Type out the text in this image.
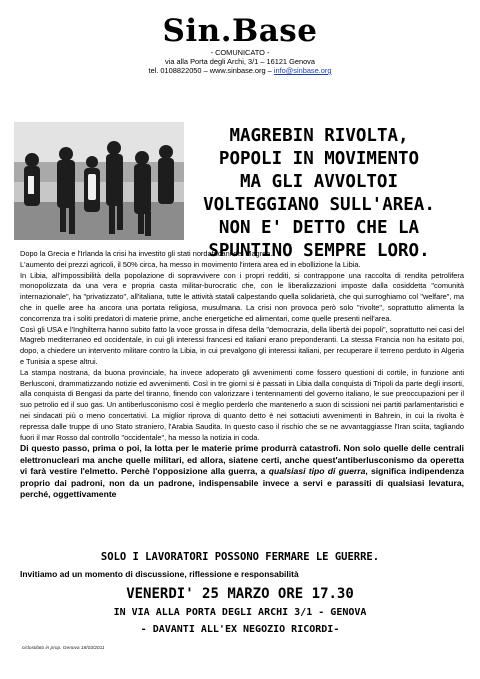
Sin.Base
- COMUNICATO -
via alla Porta degli Archi, 3/1 – 16121 Genova
tel. 0108822050 – www.sinbase.org – info@sinbase.org
MAGREBIN RIVOLTA,
POPOLI IN MOVIMENTO
MA GLI AVVOLTOI
VOLTEGGIANO SULL'AREA.
NON E' DETTO CHE LA
SPUNTINO SEMPRE LORO.

Dopo la Grecia e l'Irlanda la crisi ha investito gli stati nordafricani del Magreb.

L'aumento dei prezzi agricoli, il 50% circa, ha messo in movimento l'intera area ed in ebollizione la Libia.

In Libia, all'impossibilità della popolazione di sopravvivere con i propri redditi, si contrappone una raccolta di rendita petrolifera monopolizzata da una vera e propria casta militar-burocratic che, con le liberalizzazioni imposte dalla cosiddetta "comunità internazionale", ha "privatizzato", all'italiana, tutte le attività statali calpestando quella solidarietà, che qui surroghiamo col "welfare", ma che in quelle aree ha ancora una portata religiosa, musulmana. La crisi non provoca però solo "rivolte", soprattutto alimenta la concorrenza tra i soliti predatori di materie prime, anche energetiche ed alimentari, come quelle presenti nell'area.

Così gli USA e l'Inghilterra hanno subito fatto la voce grossa in difesa della "democrazia, della libertà dei popoli", soprattutto nei casi del Magreb mediterraneo ed occidentale, in cui gli interessi francesi ed italiani erano preponderanti. La stessa Francia non ha esitato poi, dopo, a chiedere un intervento militare contro la Libia, in cui prevalgono gli interessi italiani, per recuperare il terreno perduto in Algeria e Tunisia a spese altrui.

La stampa nostrana, da buona provinciale, ha invece adoperato gli avvenimenti come fossero questioni di cortile, in funzione anti Berlusconi, drammatizzando notizie ed avvenimenti. Così in tre giorni si è passati in Libia dalla conquista di Tripoli da parte degli insorti, alla conquista di Bengasi da parte del tiranno, finendo con valorizzare i tentennamenti del governo italiano, le sue preoccupazioni per il suo petrolio ed il suo gas. Un antiberlusconismo così è meglio perderlo che mantenerlo a suon di scissioni nei partiti parlamentaristici e nei sindacati più o meno concertativi. La miglior riprova di quanto detto è nei sottaciuti avvenimenti in Bahrein, in cui la rivolta è repressa dalle truppe di uno Stato straniero, l'Arabia Saudita. In questo caso il rischio che se ne avvantaggiasse l'Iran sciita, tagliando fuori il mar Rosso dal controllo "occidentale", ha messo la notizia in coda.

Di questo passo, prima o poi, la lotta per le materie prime produrrà catastrofi. Non solo quelle delle centrali elettronucleari ma anche quelle militari, ed allora, siatene certi, anche quest'antiberlusconismo da operetta vi farà vestire l'elmetto. Perchè l'opposizione alla guerra, a qualsiasi tipo di guerra, significa indipendenza proprio dai padroni, non da un padrone, indispensabile invece a servi e parassiti di qualsiasi levatura, perché, oggettivamente

SOLO I LAVORATORI POSSONO FERMARE LE GUERRE.
Invitiamo ad un momento di discussione, riflessione e responsabilità
VENERDI' 25 MARZO ORE 17.30
IN VIA ALLA PORTA DEGLI ARCHI 3/1 - GENOVA
- DAVANTI ALL'EX NEGOZIO RICORDI-
ciclostilato in prop. Genova 18/03/2011
